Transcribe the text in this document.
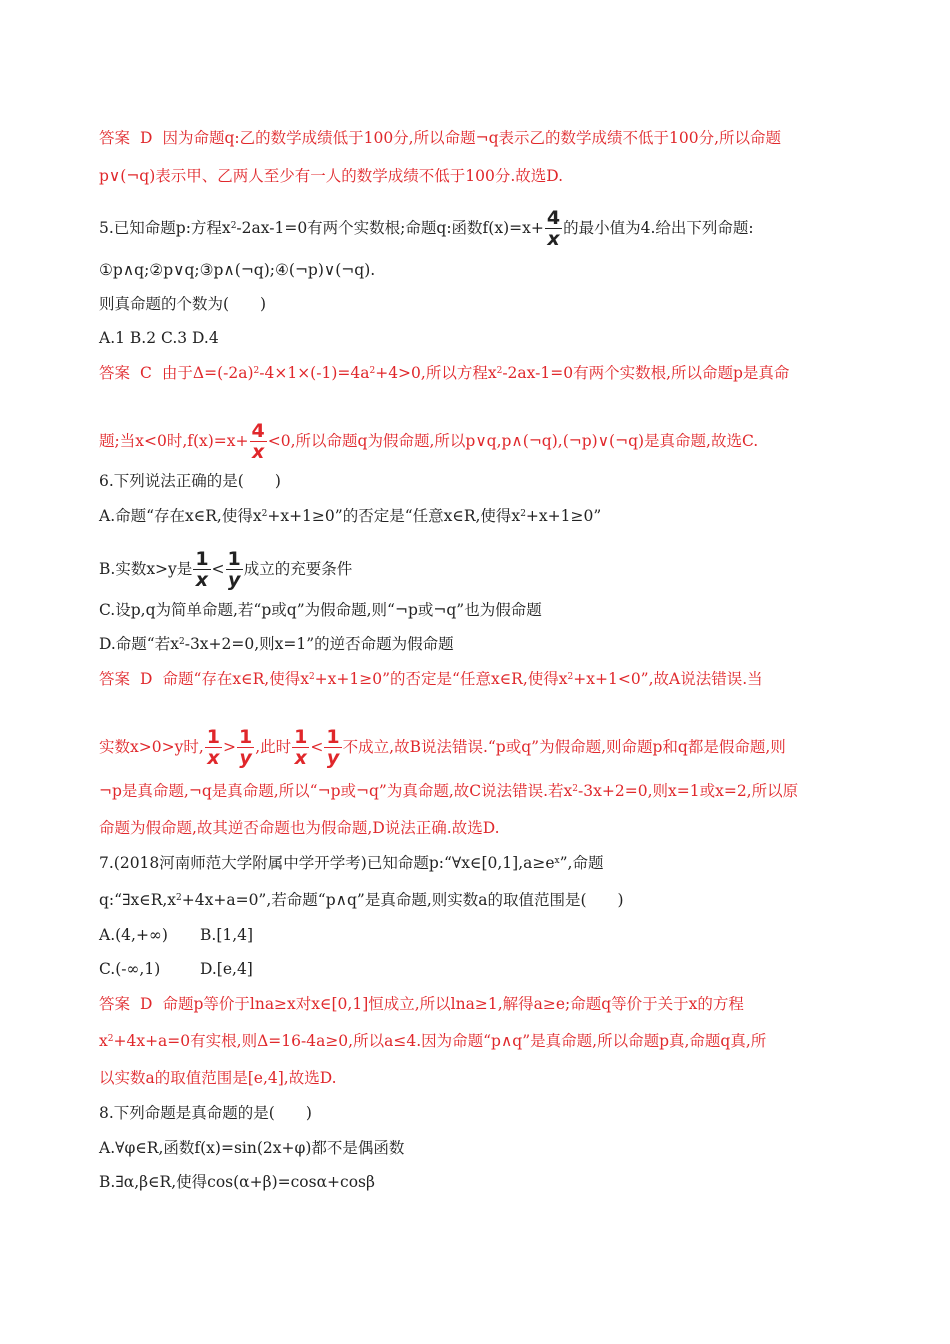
答案 D 因为命题q:乙的数学成绩低于100分,所以命题¬q表示乙的数学成绩不低于100分,所以命题
p∨(¬q)表示甲、乙两人至少有一人的数学成绩不低于100分.故选D.
5.已知命题p:方程$x^2-2ax-1=0$有两个实数根;命题q:函数$f(x)=x+ \frac{4}{x}$ 的最小值为4.给出下列命题:
①p∧q;②p∨q;③p∧(¬q);④(¬p)∨(¬q).
则真命题的个数为(　　)
A.1 B.2 C.3 D.4
答案 C 由于$\Delta=(-2a)^2-4\times 1\times(-1)=4a^2+4>0$,所以方程$x^2-2ax-1=0$有两个实数根,所以命题p是真命
题;当x<0时$,f(x)=x+ \frac{4}{x} <0$,所以命题q为假命题,所以p∨q,p∧(¬q),(¬p)∨(¬q)是真命题,故选C.
6.下列说法正确的是(　　)
A.命题“存在x∈R,使得$x^2+x+1\ge 0$”的否定是“任意x∈R,使得$x^2+x+1\ge 0$”
B.实数x>y是 $\frac{1}{x} < \frac{1}{y}$ 成立的充要条件
C.设p,q为简单命题,若“p或q”为假命题,则“¬p或¬q”也为假命题
D.命题“若$x^2-3x+2=0$,则x=1”的逆否命题为假命题
答案 D 命题“存在x∈R,使得$x^2+x+1\ge 0$”的否定是“任意x∈R,使得$x^2+x+1<0$”,故A说法错误.当
实数x>0>y时, $\frac{1}{x} > \frac{1}{y}$ ,此时 $\frac{1}{x} < \frac{1}{y}$ 不成立,故B说法错误.“p或q”为假命题,则命题p和q都是假命题,则
¬p是真命题,¬q是真命题,所以“¬p或¬q”为真命题,故C说法错误.若$x^2-3x+2=0$,则x=1或x=2,所以原
命题为假命题,故其逆否命题也为假命题,D说法正确.故选D.
7.(2018河南师范大学附属中学开学考)已知命题$p:“\forall x\in[0,1],a\ge e^x$”,命题
$q:“\exists x\in R,x^2+4x+a=0$”,若命题“p∧q”是真命题,则实数a的取值范围是(　　)
A.(4,+∞) B.[1,4]
C.(-∞,1)	D.[e,4]
答案 D 命题p等价于lna≥x对x∈[0,1]恒成立,所以lna≥1,解得a≥e;命题q等价于关于x的方程
$x^2+4x+a=0$有实根,则Δ=16-4a≥0,所以a≤4.因为命题“p∧q”是真命题,所以命题p真,命题q真,所
以实数a的取值范围是[e,4],故选D.
8.下列命题是真命题的是(　　)
A.∀φ∈R,函数f(x)=sin(2x+φ)都不是偶函数
B.∃α,β∈R,使得cos(α+β)=cosα+cosβ
